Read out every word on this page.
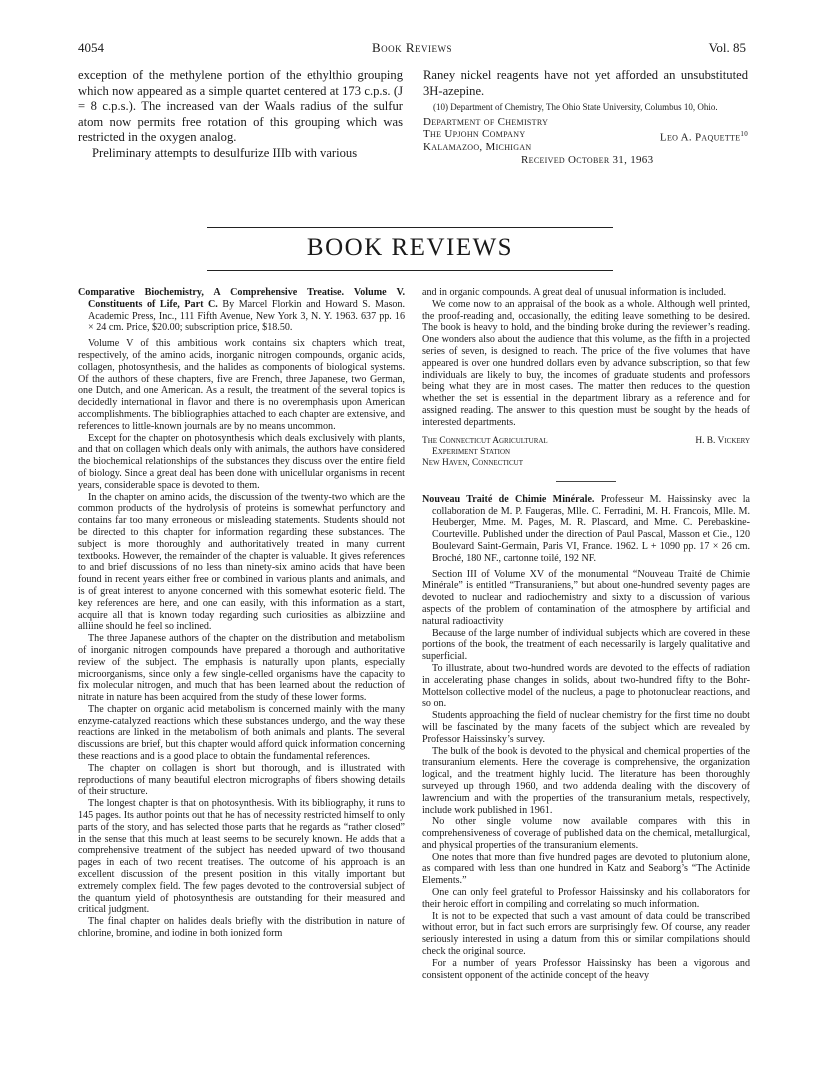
4054	Book Reviews	Vol. 85

exception of the methylene portion of the ethylthio grouping which now appeared as a simple quartet centered at 173 c.p.s. (J = 8 c.p.s.). The increased van der Waals radius of the sulfur atom now permits free rotation of this grouping which was restricted in the oxygen analog.

Preliminary attempts to desulfurize IIIb with various

Raney nickel reagents have not yet afforded an unsubstituted 3H-azepine.

(10) Department of Chemistry, The Ohio State University, Columbus 10, Ohio.

Department of Chemistry
The Upjohn Company	Leo A. Paquette$^{10}$
Kalamazoo, Michigan
Received October 31, 1963
BOOK REVIEWS

Comparative Biochemistry, A Comprehensive Treatise. Volume V. Constituents of Life, Part C. By Marcel Florkin and Howard S. Mason. Academic Press, Inc., 111 Fifth Avenue, New York 3, N. Y. 1963. 637 pp. 16 × 24 cm. Price, $20.00; subscription price, $18.50.

Volume V of this ambitious work contains six chapters which treat, respectively, of the amino acids, inorganic nitrogen compounds, organic acids, collagen, photosynthesis, and the halides as components of biological systems. Of the authors of these chapters, five are French, three Japanese, two German, one Dutch, and one American. As a result, the treatment of the several topics is decidedly international in flavor and there is no overemphasis upon American accomplishments. The bibliographies attached to each chapter are extensive, and references to little-known journals are by no means uncommon.

Except for the chapter on photosynthesis which deals exclusively with plants, and that on collagen which deals only with animals, the authors have considered the biochemical relationships of the substances they discuss over the entire field of biology. Since a great deal has been done with unicellular organisms in recent years, considerable space is devoted to them.

In the chapter on amino acids, the discussion of the twenty-two which are the common products of the hydrolysis of proteins is somewhat perfunctory and contains far too many erroneous or misleading statements. Students should not be directed to this chapter for information regarding these substances. The subject is more thoroughly and authoritatively treated in many current textbooks. However, the remainder of the chapter is valuable. It gives references to and brief discussions of no less than ninety-six amino acids that have been found in recent years either free or combined in various plants and animals, and is of great interest to anyone concerned with this somewhat esoteric field. The key references are here, and one can easily, with this information as a start, acquire all that is known today regarding such curiosities as albizziine and alliine should he feel so inclined.

The three Japanese authors of the chapter on the distribution and metabolism of inorganic nitrogen compounds have prepared a thorough and authoritative review of the subject. The emphasis is naturally upon plants, especially microorganisms, since only a few single-celled organisms have the capacity to fix molecular nitrogen, and much that has been learned about the reduction of nitrate in nature has been acquired from the study of these lower forms.

The chapter on organic acid metabolism is concerned mainly with the many enzyme-catalyzed reactions which these substances undergo, and the way these reactions are linked in the metabolism of both animals and plants. The several discussions are brief, but this chapter would afford quick information concerning these reactions and is a good place to obtain the fundamental references.

The chapter on collagen is short but thorough, and is illustrated with reproductions of many beautiful electron micrographs of fibers showing details of their structure.

The longest chapter is that on photosynthesis. With its bibliography, it runs to 145 pages. Its author points out that he has of necessity restricted himself to only parts of the story, and has selected those parts that he regards as “rather closed” in the sense that this much at least seems to be securely known. He adds that a comprehensive treatment of the subject has needed upward of two thousand pages in each of two recent treatises. The outcome of his approach is an excellent discussion of the present position in this vitally important but extremely complex field. The few pages devoted to the controversial subject of the quantum yield of photosynthesis are outstanding for their measured and critical judgment.

The final chapter on halides deals briefly with the distribution in nature of chlorine, bromine, and iodine in both ionized form

and in organic compounds. A great deal of unusual information is included.

We come now to an appraisal of the book as a whole. Although well printed, the proof-reading and, occasionally, the editing leave something to be desired. The book is heavy to hold, and the binding broke during the reviewer’s reading. One wonders also about the audience that this volume, as the fifth in a projected series of seven, is designed to reach. The price of the five volumes that have appeared is over one hundred dollars even by advance subscription, so that few individuals are likely to buy, the incomes of graduate students and professors being what they are in most cases. The matter then reduces to the question whether the set is essential in the department library as a reference and for assigned reading. The answer to this question must be sought by the heads of interested departments.

The Connecticut Agricultural	H. B. Vickery
Experiment Station
New Haven, Connecticut

Nouveau Traité de Chimie Minérale. Professeur M. Haissinsky avec la collaboration de M. P. Faugeras, Mlle. C. Ferradini, M. H. Francois, Mlle. M. Heuberger, Mme. M. Pages, M. R. Plascard, and Mme. C. Perebaskine-Courteville. Published under the direction of Paul Pascal, Masson et Cie., 120 Boulevard Saint-Germain, Paris VI, France. 1962. L + 1090 pp. 17 × 26 cm. Broché, 180 NF., cartonne toilé, 192 NF.

Section III of Volume XV of the monumental “Nouveau Traité de Chimie Minérale” is entitled “Transuraniens,” but about one-hundred seventy pages are devoted to nuclear and radiochemistry and sixty to a discussion of various aspects of the problem of contamination of the atmosphere by artificial and natural radioactivity

Because of the large number of individual subjects which are covered in these portions of the book, the treatment of each necessarily is largely qualitative and superficial.

To illustrate, about two-hundred words are devoted to the effects of radiation in accelerating phase changes in solids, about two-hundred fifty to the Bohr-Mottelson collective model of the nucleus, a page to photonuclear reactions, and so on.

Students approaching the field of nuclear chemistry for the first time no doubt will be fascinated by the many facets of the subject which are revealed by Professor Haissinsky’s survey.

The bulk of the book is devoted to the physical and chemical properties of the transuranium elements. Here the coverage is comprehensive, the organization logical, and the treatment highly lucid. The literature has been thoroughly surveyed up through 1960, and two addenda dealing with the discovery of lawrencium and with the properties of the transuranium metals, respectively, include work published in 1961.

No other single volume now available compares with this in comprehensiveness of coverage of published data on the chemical, metallurgical, and physical properties of the transuranium elements.

One notes that more than five hundred pages are devoted to plutonium alone, as compared with less than one hundred in Katz and Seaborg’s “The Actinide Elements.”

One can only feel grateful to Professor Haissinsky and his collaborators for their heroic effort in compiling and correlating so much information.

It is not to be expected that such a vast amount of data could be transcribed without error, but in fact such errors are surprisingly few. Of course, any reader seriously interested in using a datum from this or similar compilations should check the original source.

For a number of years Professor Haissinsky has been a vigorous and consistent opponent of the actinide concept of the heavy
